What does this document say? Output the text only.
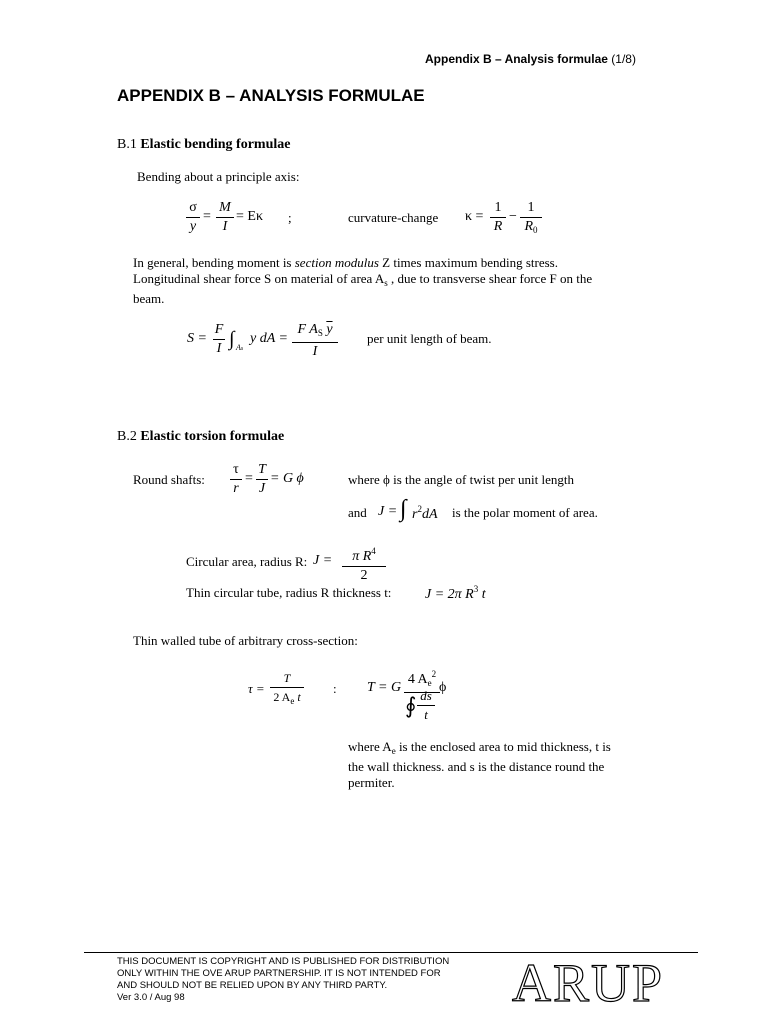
Appendix B – Analysis formulae (1/8)
APPENDIX B – ANALYSIS FORMULAE
B.1 Elastic bending formulae
Bending about a principle axis:
σ
y
=
M
I
= Eκ ;	curvature-change κ =
1
R
−
1
$R_0$
In general, bending moment is section modulus Z times maximum bending stress.
Longitudinal shear force S on material of area $A_s$ , due to transverse shear force F on the
beam.
S =
F
I ∫ As
y dA =
F $A_S$ $\overline{y}$
I
per unit length of beam.
B.2 Elastic torsion formulae
Round shafts:
τ
r
=
T
J
= G ϕ	where ϕ is the angle of twist per unit length
and J = ∫ $r^2dA$ is the polar moment of area.
Circular area, radius R: J =	π $R^4$
2
Thin circular tube, radius R thickness t: J = 2π $R^3$ t
Thin walled tube of arbitrary cross-section:
τ =
T
2 $A_e$ t
: T = G
4 $A_e^2$
∮ ds
t
ϕ
where $A_e$ is the enclosed area to mid thickness, t is
the wall thickness. and s is the distance round the
permiter.
THIS DOCUMENT IS COPYRIGHT AND IS PUBLISHED FOR DISTRIBUTION
ONLY WITHIN THE OVE ARUP PARTNERSHIP. IT IS NOT INTENDED FOR
AND SHOULD NOT BE RELIED UPON BY ANY THIRD PARTY.
Ver 3.0 / Aug 98	ARUP
